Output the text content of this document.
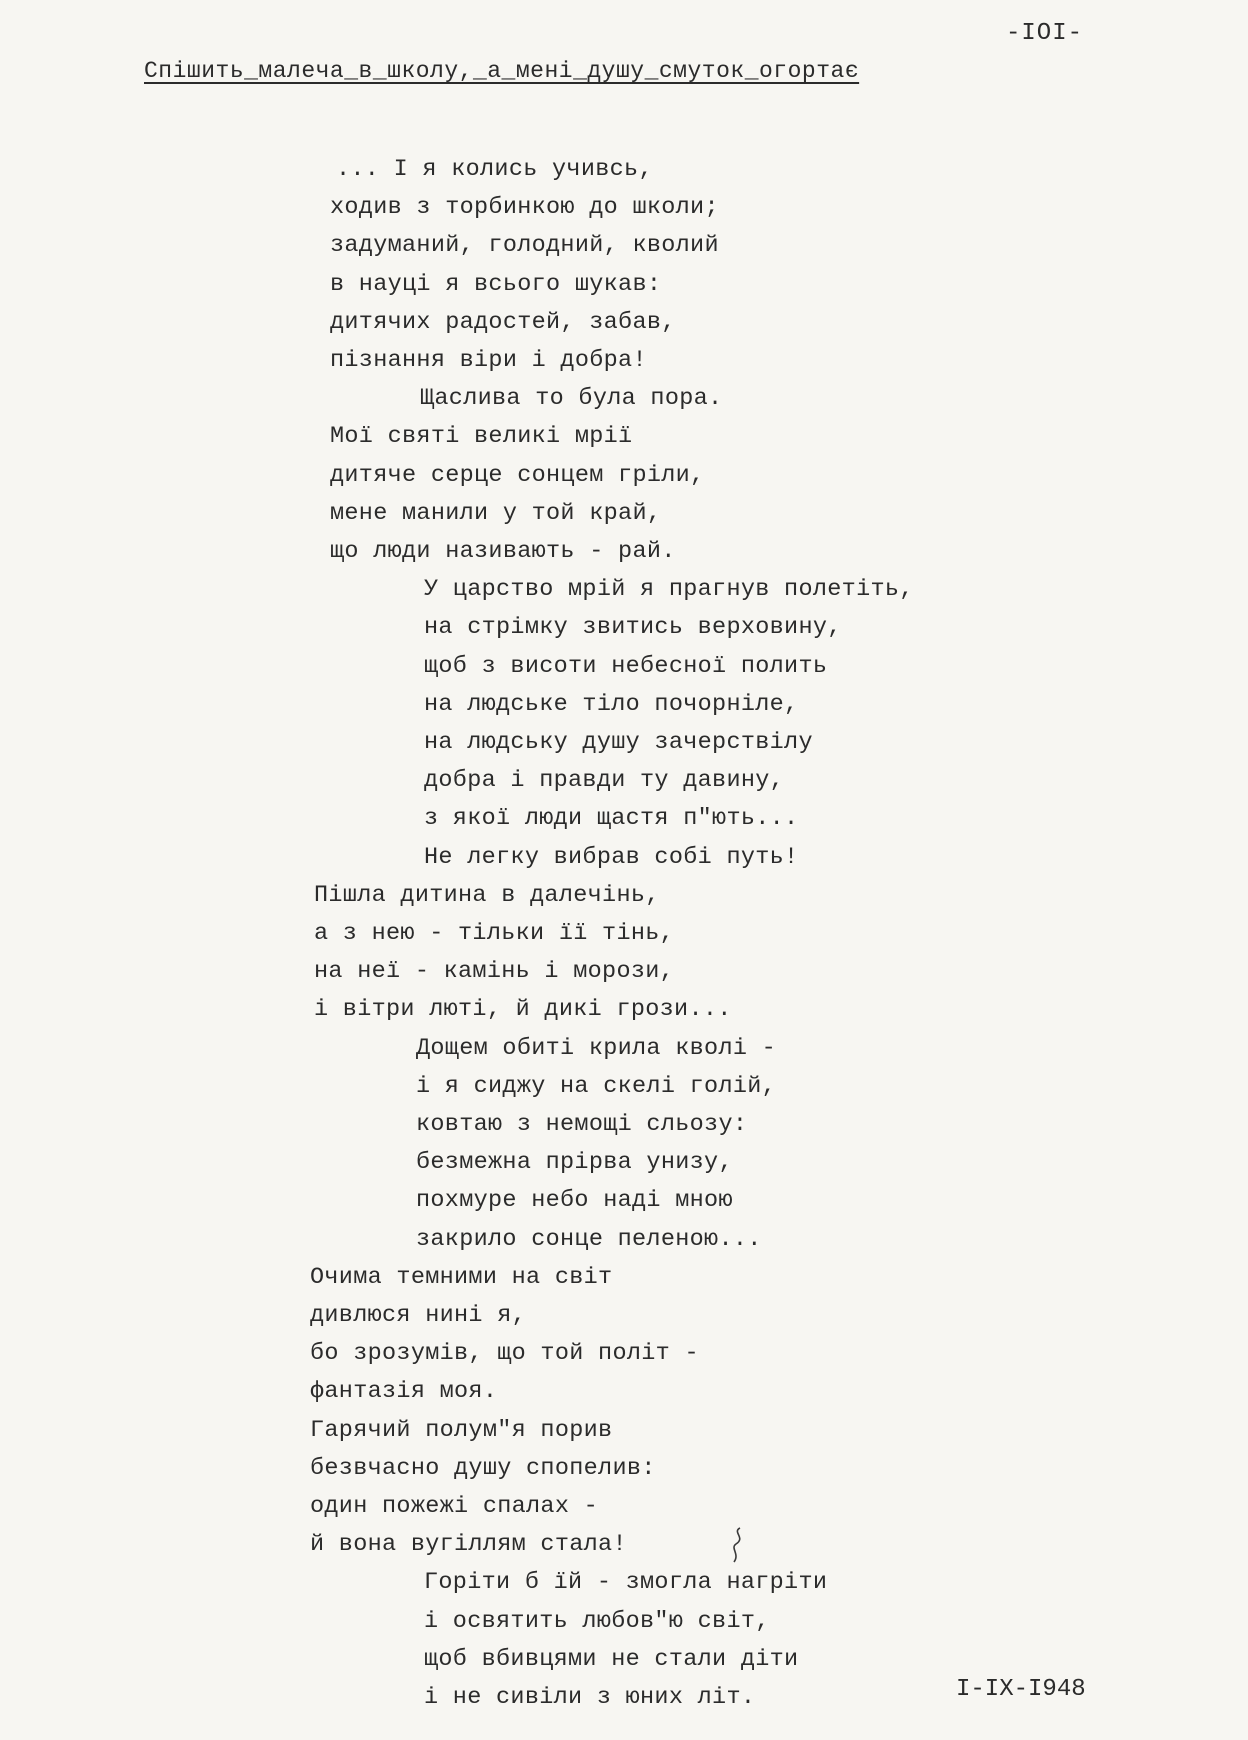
-IOI-
Спішить_малеча_в_школу,_а_мені_душу_смуток_огортає
... І я колись учивсь,
ходив з торбинкою до школи;
задуманий, голодний, кволий
в науці я всього шукав:
дитячих радостей, забав,
пізнання віри і добра!
Щаслива то була пора.
Мої святі великі мрії
дитяче серце сонцем гріли,
мене манили у той край,
що люди називають - рай.
У царство мрій я прагнув полетіть,
на стрімку звитись верховину,
щоб з висоти небесної полить
на людське тіло почорніле,
на людську душу зачерствілу
добра і правди ту давину,
з якої люди щастя п"ють...
Не легку вибрав собі путь!
Пішла дитина в далечінь,
а з нею - тільки її тінь,
на неї - камінь і морози,
і вітри люті, й дикі грози...
Дощем обиті крила кволі -
і я сиджу на скелі голій,
ковтаю з немощі сльозу:
безмежна прірва унизу,
похмуре небо наді мною
закрило сонце пеленою...
Очима темними на світ
дивлюся нині я,
бо зрозумів, що той політ -
фантазія моя.
Гарячий полум"я порив
безвчасно душу спопелив:
один пожежі спалах -
й вона вугіллям стала!
Горіти б їй - змогла нагріти
і освятить любов"ю світ,
щоб вбивцями не стали діти
і не сивіли з юних літ.	I-IX-I948
